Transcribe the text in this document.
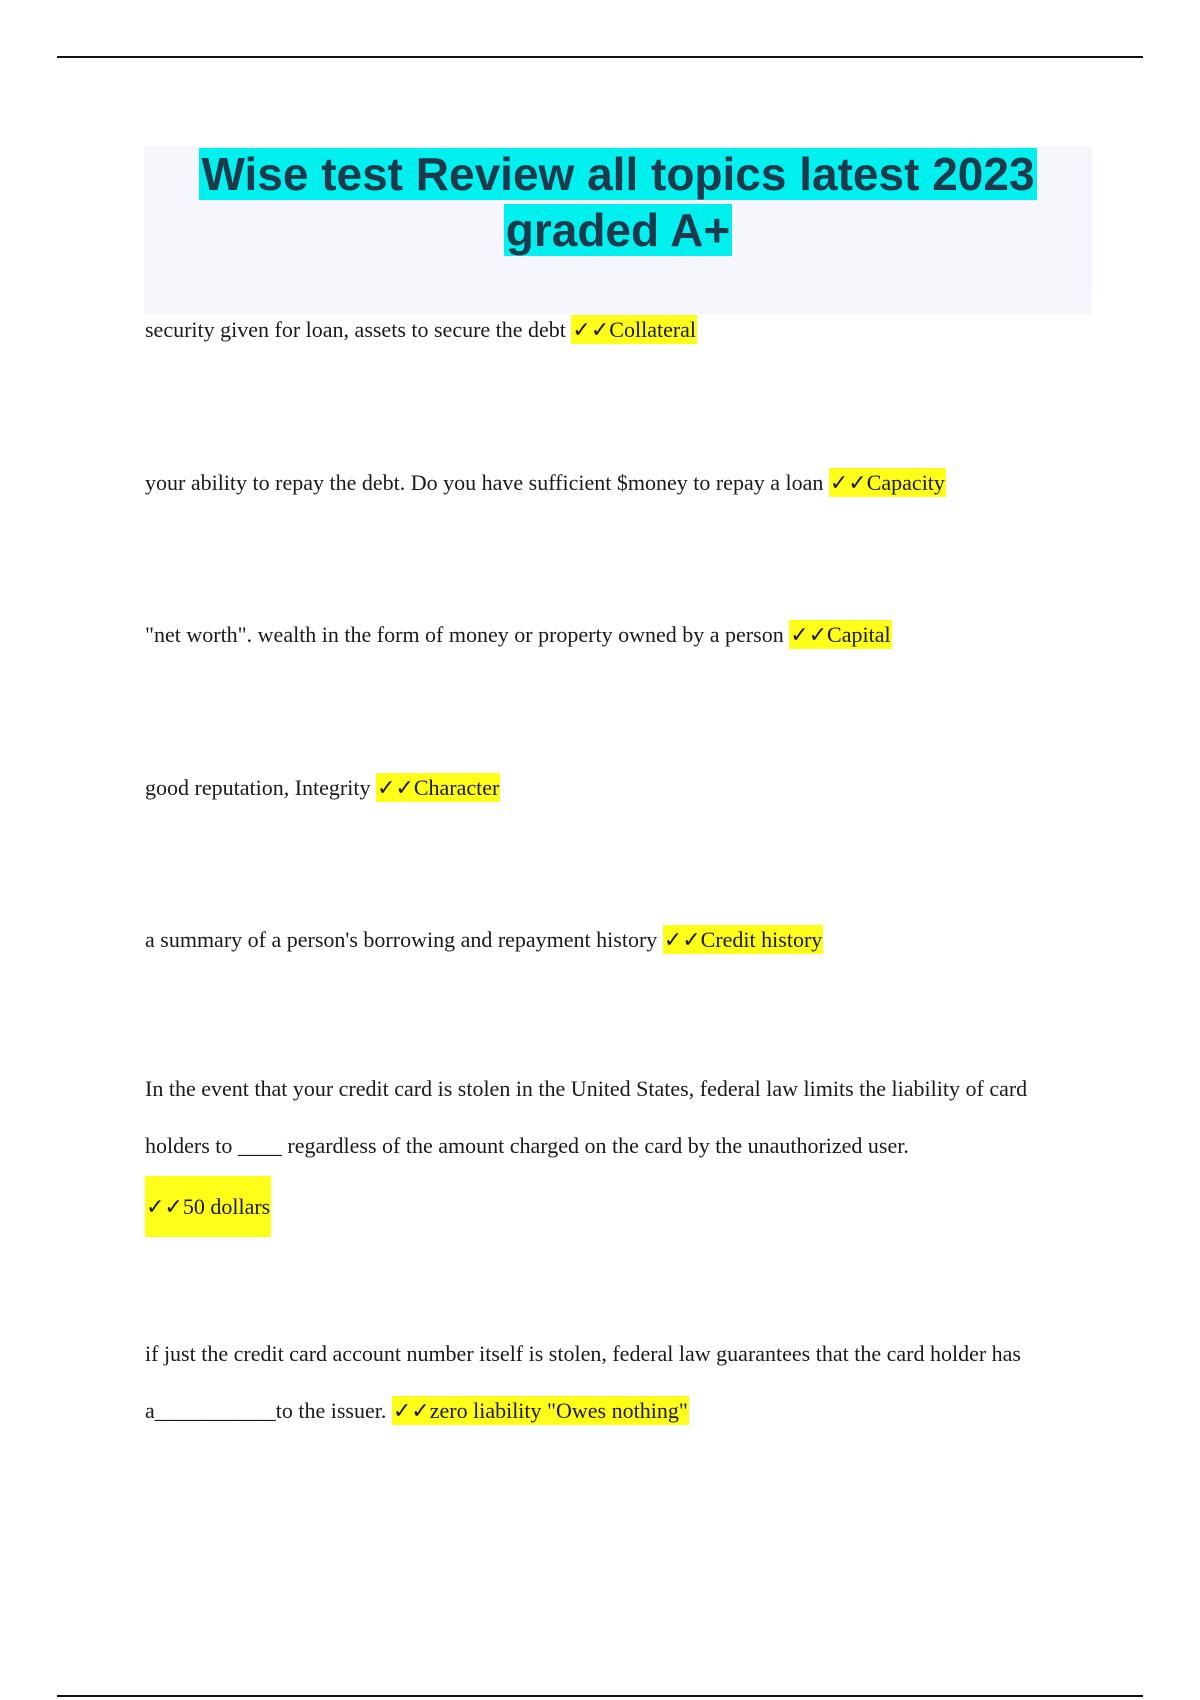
Wise test Review all topics latest 2023 graded A+

security given for loan, assets to secure the debt ✓✓Collateral

your ability to repay the debt. Do you have sufficient $money to repay a loan ✓✓Capacity

"net worth". wealth in the form of money or property owned by a person ✓✓Capital

good reputation, Integrity ✓✓Character

a summary of a person's borrowing and repayment history ✓✓Credit history

In the event that your credit card is stolen in the United States, federal law limits the liability of card holders to ____ regardless of the amount charged on the card by the unauthorized user.
✓✓50 dollars

if just the credit card account number itself is stolen, federal law guarantees that the card holder has a___________to the issuer. ✓✓zero liability "Owes nothing"
